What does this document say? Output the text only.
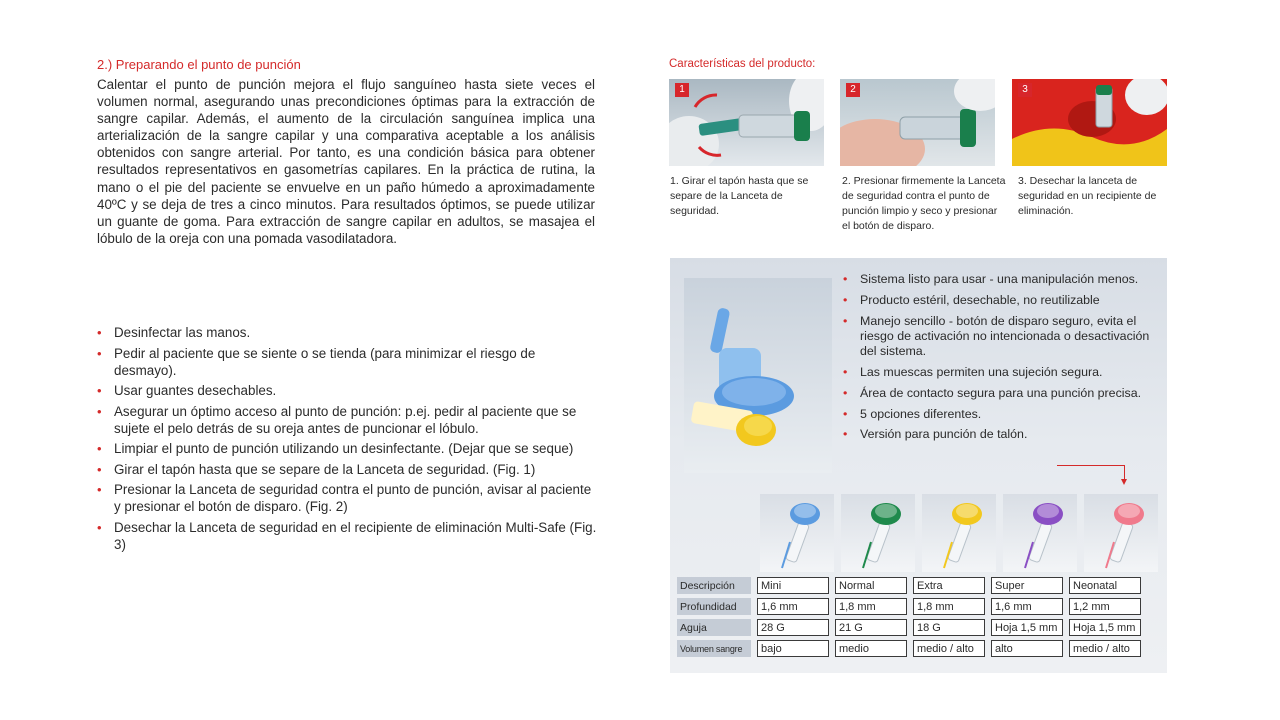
2.) Preparando el punto de punción

Calentar el punto de punción mejora el flujo sanguíneo hasta siete veces el volumen normal, asegurando unas precondiciones óptimas para la extracción de sangre capilar. Además, el aumento de la circulación sanguínea implica una arterialización de la sangre capilar y una comparativa aceptable a los análisis obtenidos con sangre arterial. Por tanto, es una condición básica para obtener resultados representativos en gasometrías capilares. En la práctica de rutina, la mano o el pie del paciente se envuelve en un paño húmedo a aproximadamente 40ºC y se deja de tres a cinco minutos. Para resultados óptimos, se puede utilizar un guante de goma. Para extracción de sangre capilar en adultos, se masajea el lóbulo de la oreja con una pomada vasodilatadora.

• Desinfectar las manos.
• Pedir al paciente que se siente o se tienda (para minimizar el riesgo de desmayo).
• Usar guantes desechables.
• Asegurar un óptimo acceso al punto de punción: p.ej. pedir al paciente que se sujete el pelo detrás de su oreja antes de puncionar el lóbulo.
• Limpiar el punto de punción utilizando un desinfectante. (Dejar que se seque)
• Girar el tapón hasta que se separe de la Lanceta de seguridad. (Fig. 1)
• Presionar la Lanceta de seguridad contra el punto de punción, avisar al paciente y presionar el botón de disparo. (Fig. 2)
• Desechar la Lanceta de seguridad en el recipiente de eliminación Multi-Safe (Fig. 3)
Características del producto:
1
1. Girar el tapón hasta que se separe de la Lanceta de seguridad.
2
2. Presionar firmemente la Lanceta de seguridad contra el punto de punción limpio y seco y presionar el botón de disparo.
3
3. Desechar la lanceta de seguridad en un recipiente de eliminación.
• Sistema listo para usar - una manipulación menos.
• Producto estéril, desechable, no reutilizable
• Manejo sencillo - botón de disparo seguro, evita el riesgo de activación no intencionada o desactivación del sistema.
• Las muescas permiten una sujeción segura.
• Área de contacto segura para una punción precisa.
• 5 opciones diferentes.
• Versión para punción de talón.
Descripción	Mini	Normal	Extra	Super	Neonatal
Profundidad	1,6 mm	1,8 mm	1,8 mm	1,6 mm	1,2 mm
Aguja	28 G	21 G	18 G	Hoja 1,5 mm	Hoja 1,5 mm
Volumen sangre	bajo	medio	medio / alto	alto	medio / alto
